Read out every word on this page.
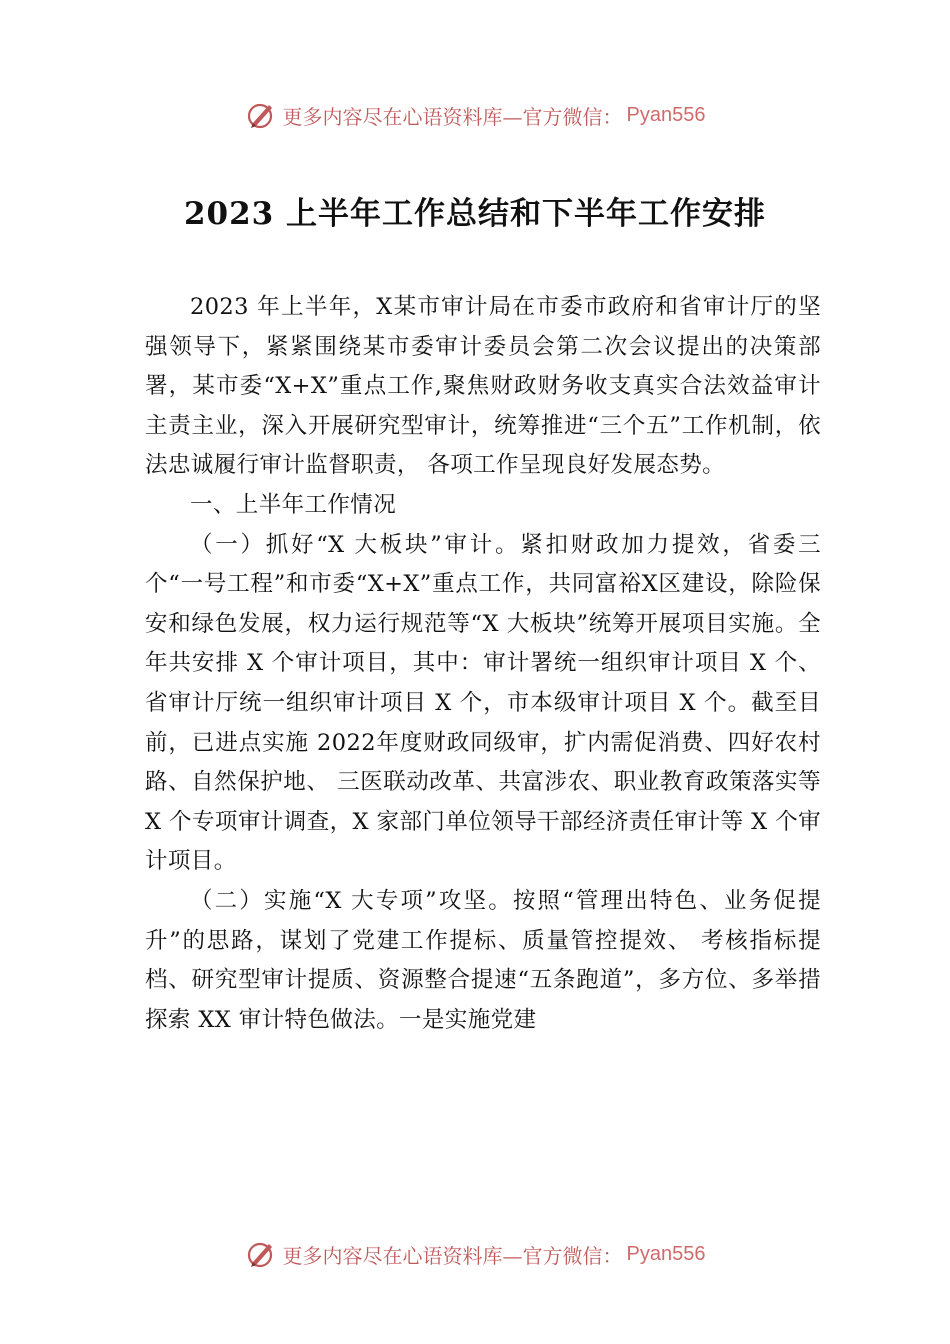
更多内容尽在心语资料库—官方微信： Pyan556
2023 上半年工作总结和下半年工作安排

2023 年上半年，X某市审计局在市委市政府和省审计厅的坚强领导下，紧紧围绕某市委审计委员会第二次会议提出的决策部署，某市委“X+X”重点工作,聚焦财政财务收支真实合法效益审计主责主业，深入开展研究型审计，统筹推进“三个五”工作机制，依法忠诚履行审计监督职责， 各项工作呈现良好发展态势。

一、上半年工作情况

（一）抓好“X 大板块”审计。紧扣财政加力提效，省委三个“一号工程”和市委“X+X”重点工作，共同富裕X区建设，除险保安和绿色发展，权力运行规范等“X 大板块”统筹开展项目实施。全年共安排 X 个审计项目，其中：审计署统一组织审计项目 X 个、省审计厅统一组织审计项目 X 个，市本级审计项目 X 个。截至目前，已进点实施 2022年度财政同级审，扩内需促消费、四好农村路、自然保护地、 三医联动改革、共富涉农、职业教育政策落实等 X 个专项审计调查，X 家部门单位领导干部经济责任审计等 X 个审计项目。

（二）实施“X 大专项”攻坚。按照“管理出特色、业务促提升”的思路，谋划了党建工作提标、质量管控提效、 考核指标提档、研究型审计提质、资源整合提速“五条跑道”，多方位、多举措探索 XX 审计特色做法。一是实施党建

更多内容尽在心语资料库—官方微信： Pyan556
